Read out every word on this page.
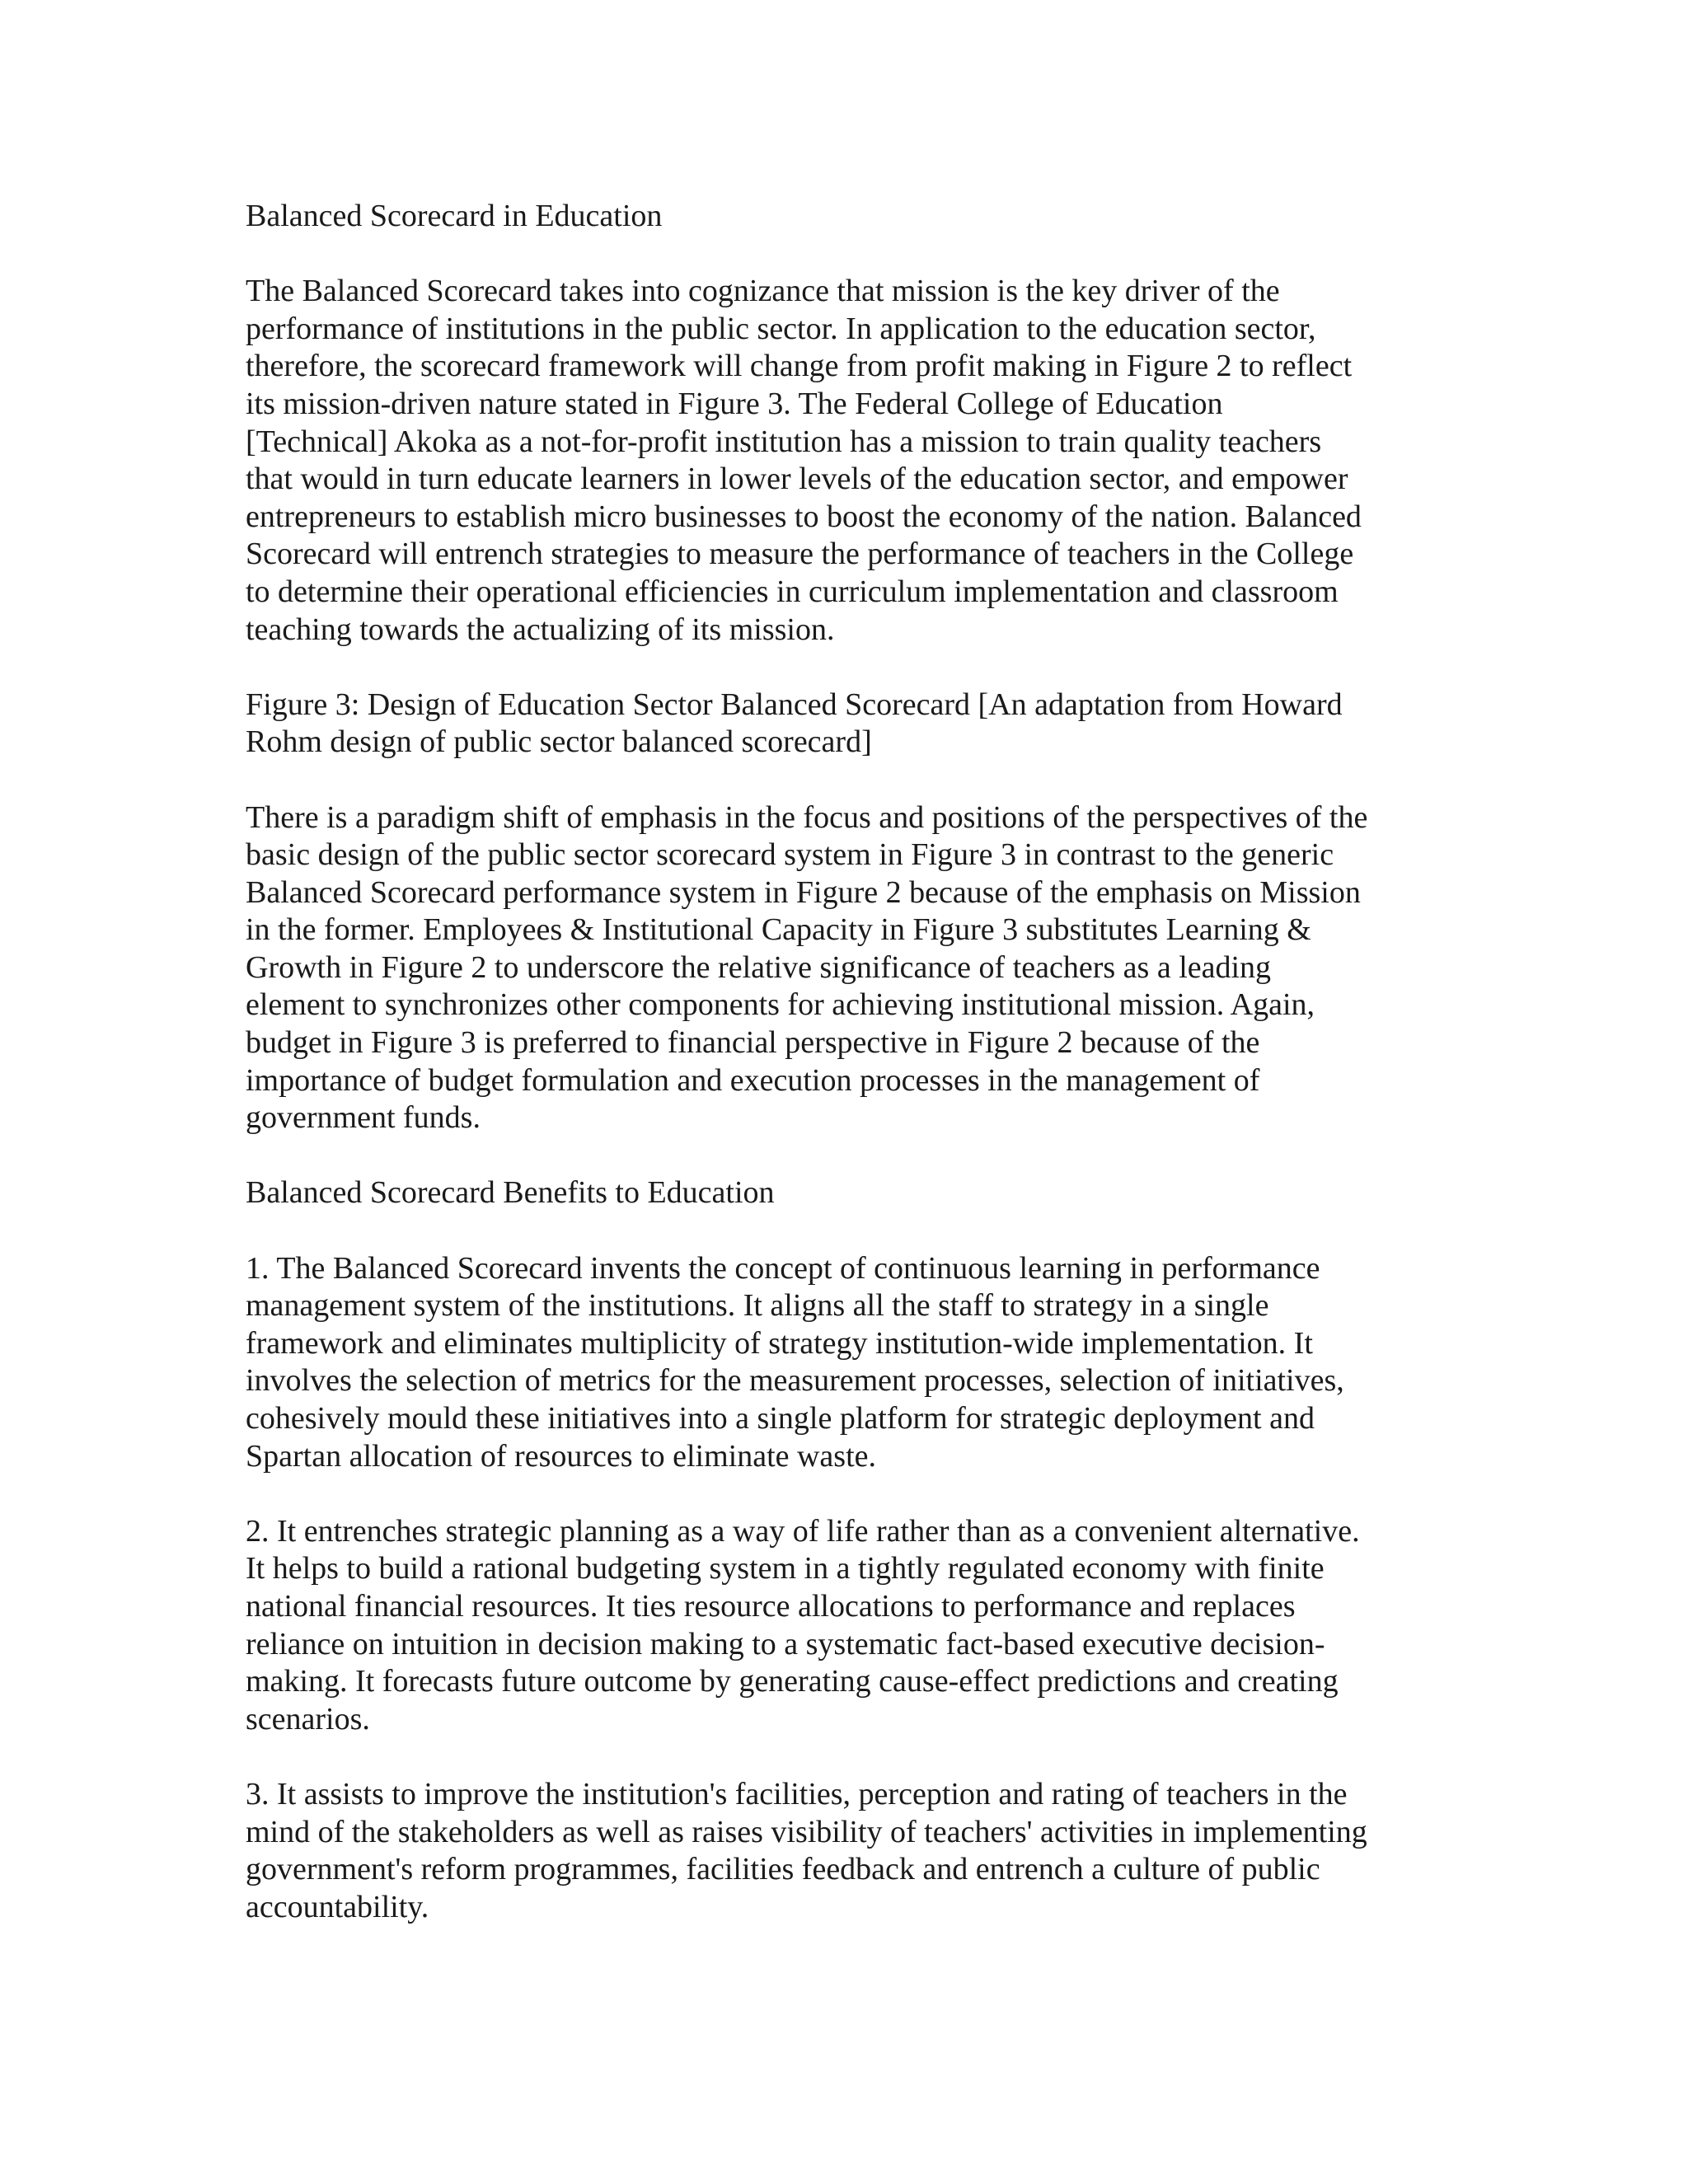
Balanced Scorecard in Education

The Balanced Scorecard takes into cognizance that mission is the key driver of the
performance of institutions in the public sector. In application to the education sector,
therefore, the scorecard framework will change from profit making in Figure 2 to reflect
its mission-driven nature stated in Figure 3. The Federal College of Education
[Technical] Akoka as a not-for-profit institution has a mission to train quality teachers
that would in turn educate learners in lower levels of the education sector, and empower
entrepreneurs to establish micro businesses to boost the economy of the nation. Balanced
Scorecard will entrench strategies to measure the performance of teachers in the College
to determine their operational efficiencies in curriculum implementation and classroom
teaching towards the actualizing of its mission.

Figure 3: Design of Education Sector Balanced Scorecard [An adaptation from Howard
Rohm design of public sector balanced scorecard]

There is a paradigm shift of emphasis in the focus and positions of the perspectives of the
basic design of the public sector scorecard system in Figure 3 in contrast to the generic
Balanced Scorecard performance system in Figure 2 because of the emphasis on Mission
in the former. Employees & Institutional Capacity in Figure 3 substitutes Learning &
Growth in Figure 2 to underscore the relative significance of teachers as a leading
element to synchronizes other components for achieving institutional mission. Again,
budget in Figure 3 is preferred to financial perspective in Figure 2 because of the
importance of budget formulation and execution processes in the management of
government funds.

Balanced Scorecard Benefits to Education

1. The Balanced Scorecard invents the concept of continuous learning in performance
management system of the institutions. It aligns all the staff to strategy in a single
framework and eliminates multiplicity of strategy institution-wide implementation. It
involves the selection of metrics for the measurement processes, selection of initiatives,
cohesively mould these initiatives into a single platform for strategic deployment and
Spartan allocation of resources to eliminate waste.

2. It entrenches strategic planning as a way of life rather than as a convenient alternative.
It helps to build a rational budgeting system in a tightly regulated economy with finite
national financial resources. It ties resource allocations to performance and replaces
reliance on intuition in decision making to a systematic fact-based executive decision-
making. It forecasts future outcome by generating cause-effect predictions and creating
scenarios.

3. It assists to improve the institution's facilities, perception and rating of teachers in the
mind of the stakeholders as well as raises visibility of teachers' activities in implementing
government's reform programmes, facilities feedback and entrench a culture of public
accountability.
